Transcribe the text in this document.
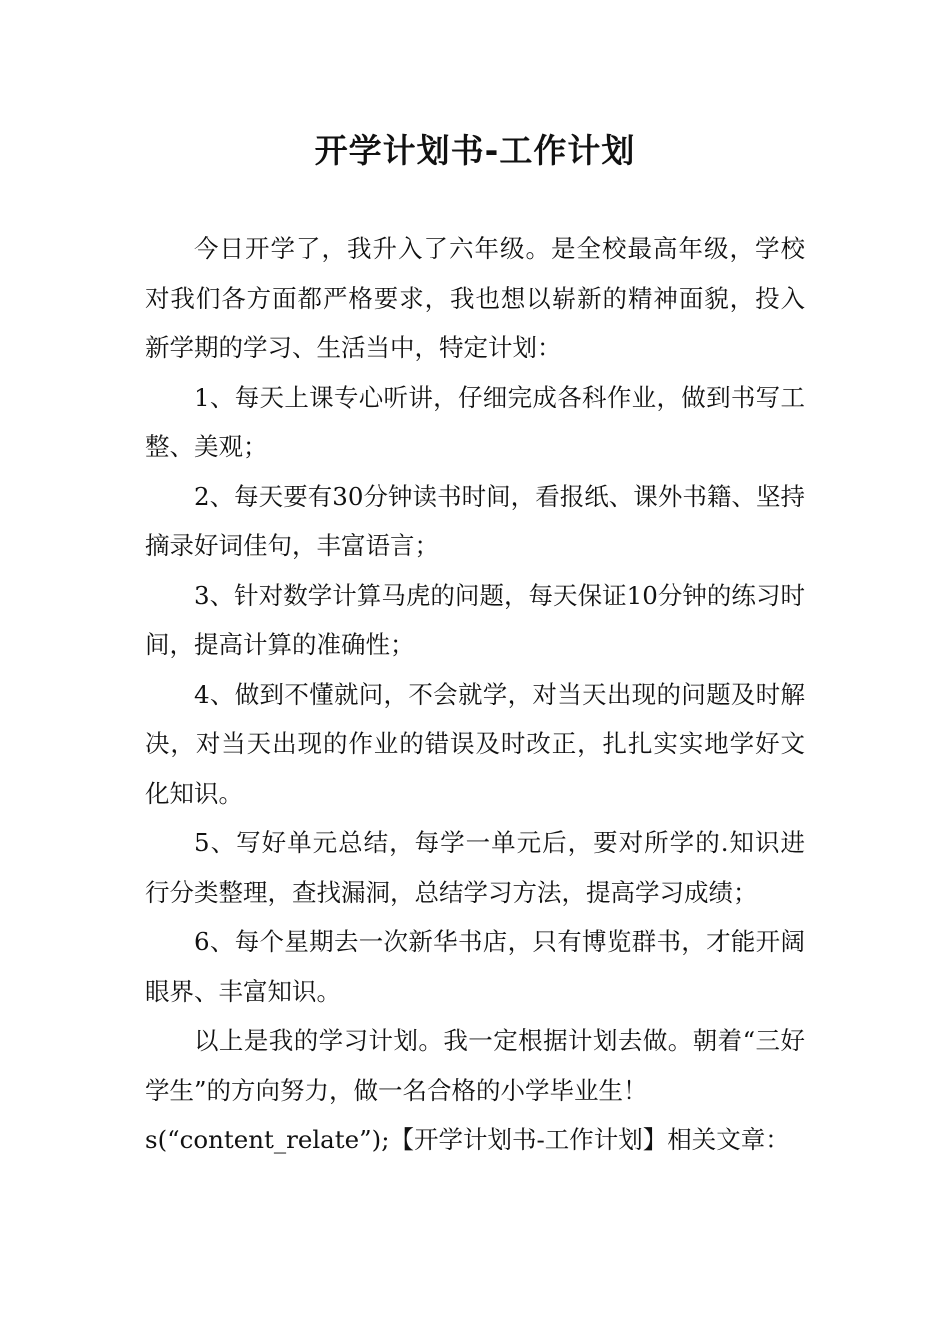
开学计划书-工作计划

今日开学了，我升入了六年级。是全校最高年级，学校对我们各方面都严格要求，我也想以崭新的精神面貌，投入新学期的学习、生活当中，特定计划：

1、每天上课专心听讲，仔细完成各科作业，做到书写工整、美观；

2、每天要有30分钟读书时间，看报纸、课外书籍、坚持摘录好词佳句，丰富语言；

3、针对数学计算马虎的问题，每天保证10分钟的练习时间，提高计算的准确性；

4、做到不懂就问，不会就学，对当天出现的问题及时解决，对当天出现的作业的错误及时改正，扎扎实实地学好文化知识。

5、写好单元总结，每学一单元后，要对所学的.知识进行分类整理，查找漏洞，总结学习方法，提高学习成绩；

6、每个星期去一次新华书店，只有博览群书，才能开阔眼界、丰富知识。

以上是我的学习计划。我一定根据计划去做。朝着“三好学生”的方向努力，做一名合格的小学毕业生！

s(“content_relate”);【开学计划书-工作计划】相关文章：
